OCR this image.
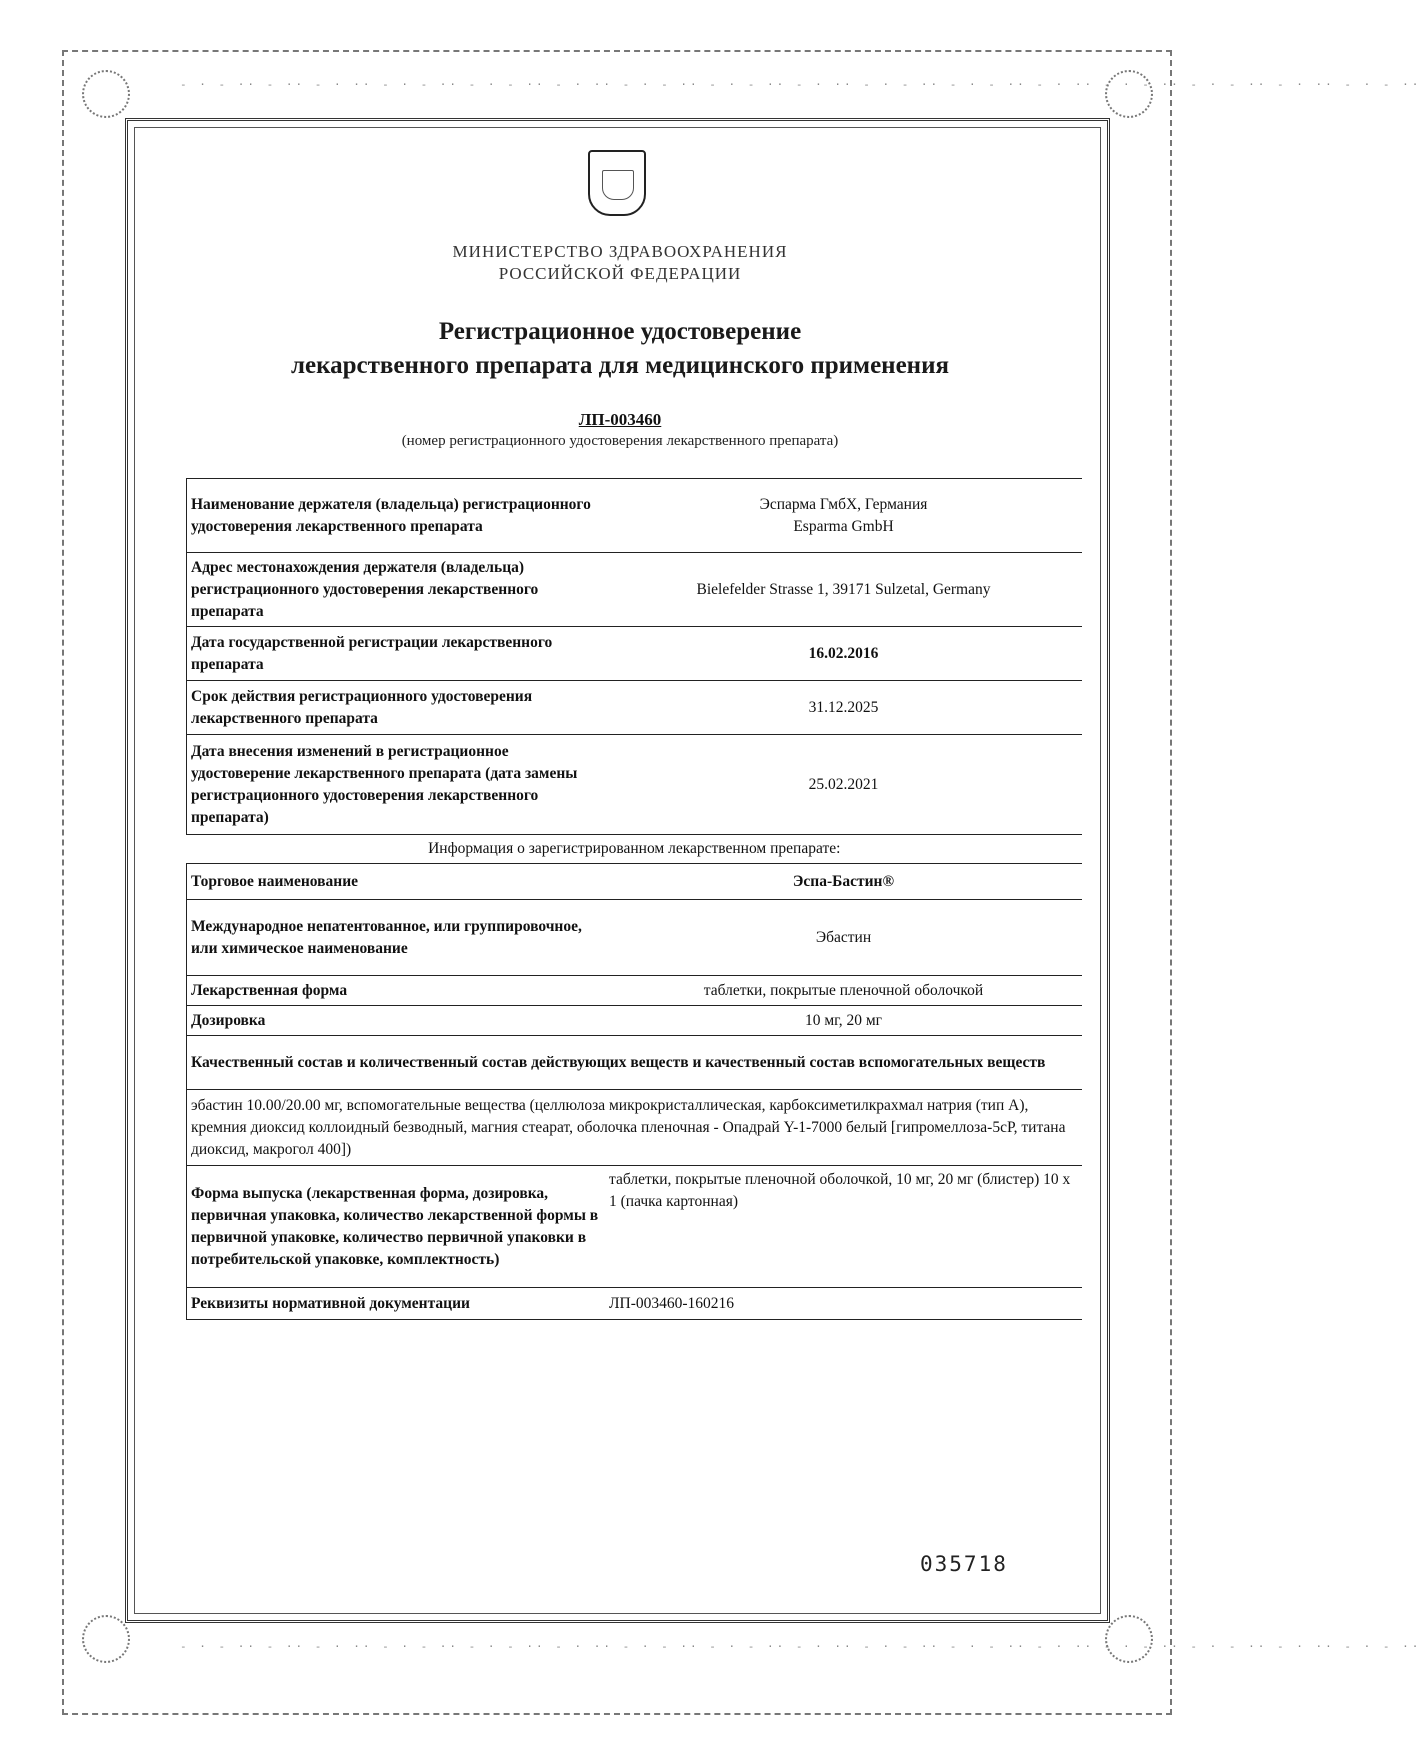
- · - ·· - ·· - · ·· - · - ·· - · - ·· - · ·· - · - ·· - · - ·· - · ·· - · - ·· - · - ·· - · ·· - · - ·· - · - ·· - · ·· - · - ··
- · - ·· - ·· - · ·· - · - ·· - · - ·· - · ·· - · - ·· - · - ·· - · ·· - · - ·· - · - ·· - · ·· - · - ·· - · - ·· - · ·· - · - ··
МИНИСТЕРСТВО ЗДРАВООХРАНЕНИЯ
РОССИЙСКОЙ ФЕДЕРАЦИИ
Регистрационное удостоверение
лекарственного препарата для медицинского применения
ЛП-003460
(номер регистрационного удостоверения лекарственного препарата)
Наименование держателя (владельца) регистрационного удостоверения лекарственного препарата	Эспарма ГмбХ, Германия
Esparma GmbH

Адрес местонахождения держателя (владельца) регистрационного удостоверения лекарственного препарата	Bielefelder Strasse 1, 39171 Sulzetal, Germany
Дата государственной регистрации лекарственного препарата	16.02.2016
Срок действия регистрационного удостоверения лекарственного препарата	31.12.2025
Дата внесения изменений в регистрационное удостоверение лекарственного препарата (дата замены регистрационного удостоверения лекарственного препарата)	25.02.2021
Информация о зарегистрированном лекарственном препарате:	
Торговое наименование	Эспа-Бастин®
Международное непатентованное, или группировочное, или химическое наименование	Эбастин
Лекарственная форма	таблетки, покрытые пленочной оболочкой
Дозировка	10 мг, 20 мг
Качественный состав и количественный состав действующих веществ и качественный состав вспомогательных веществ	
эбастин 10.00/20.00 мг, вспомогательные вещества (целлюлоза микрокристаллическая, карбоксиметилкрахмал натрия (тип А), кремния диоксид коллоидный безводный, магния стеарат, оболочка пленочная - Опадрай Y-1-7000 белый [гипромеллоза-5сР, титана диоксид, макрогол 400])	
Форма выпуска (лекарственная форма, дозировка, первичная упаковка, количество лекарственной формы в первичной упаковке, количество первичной упаковки в потребительской упаковке, комплектность)	таблетки, покрытые пленочной оболочкой, 10 мг, 20 мг (блистер) 10 х 1 (пачка картонная)
Реквизиты нормативной документации	ЛП-003460-160216
035718
